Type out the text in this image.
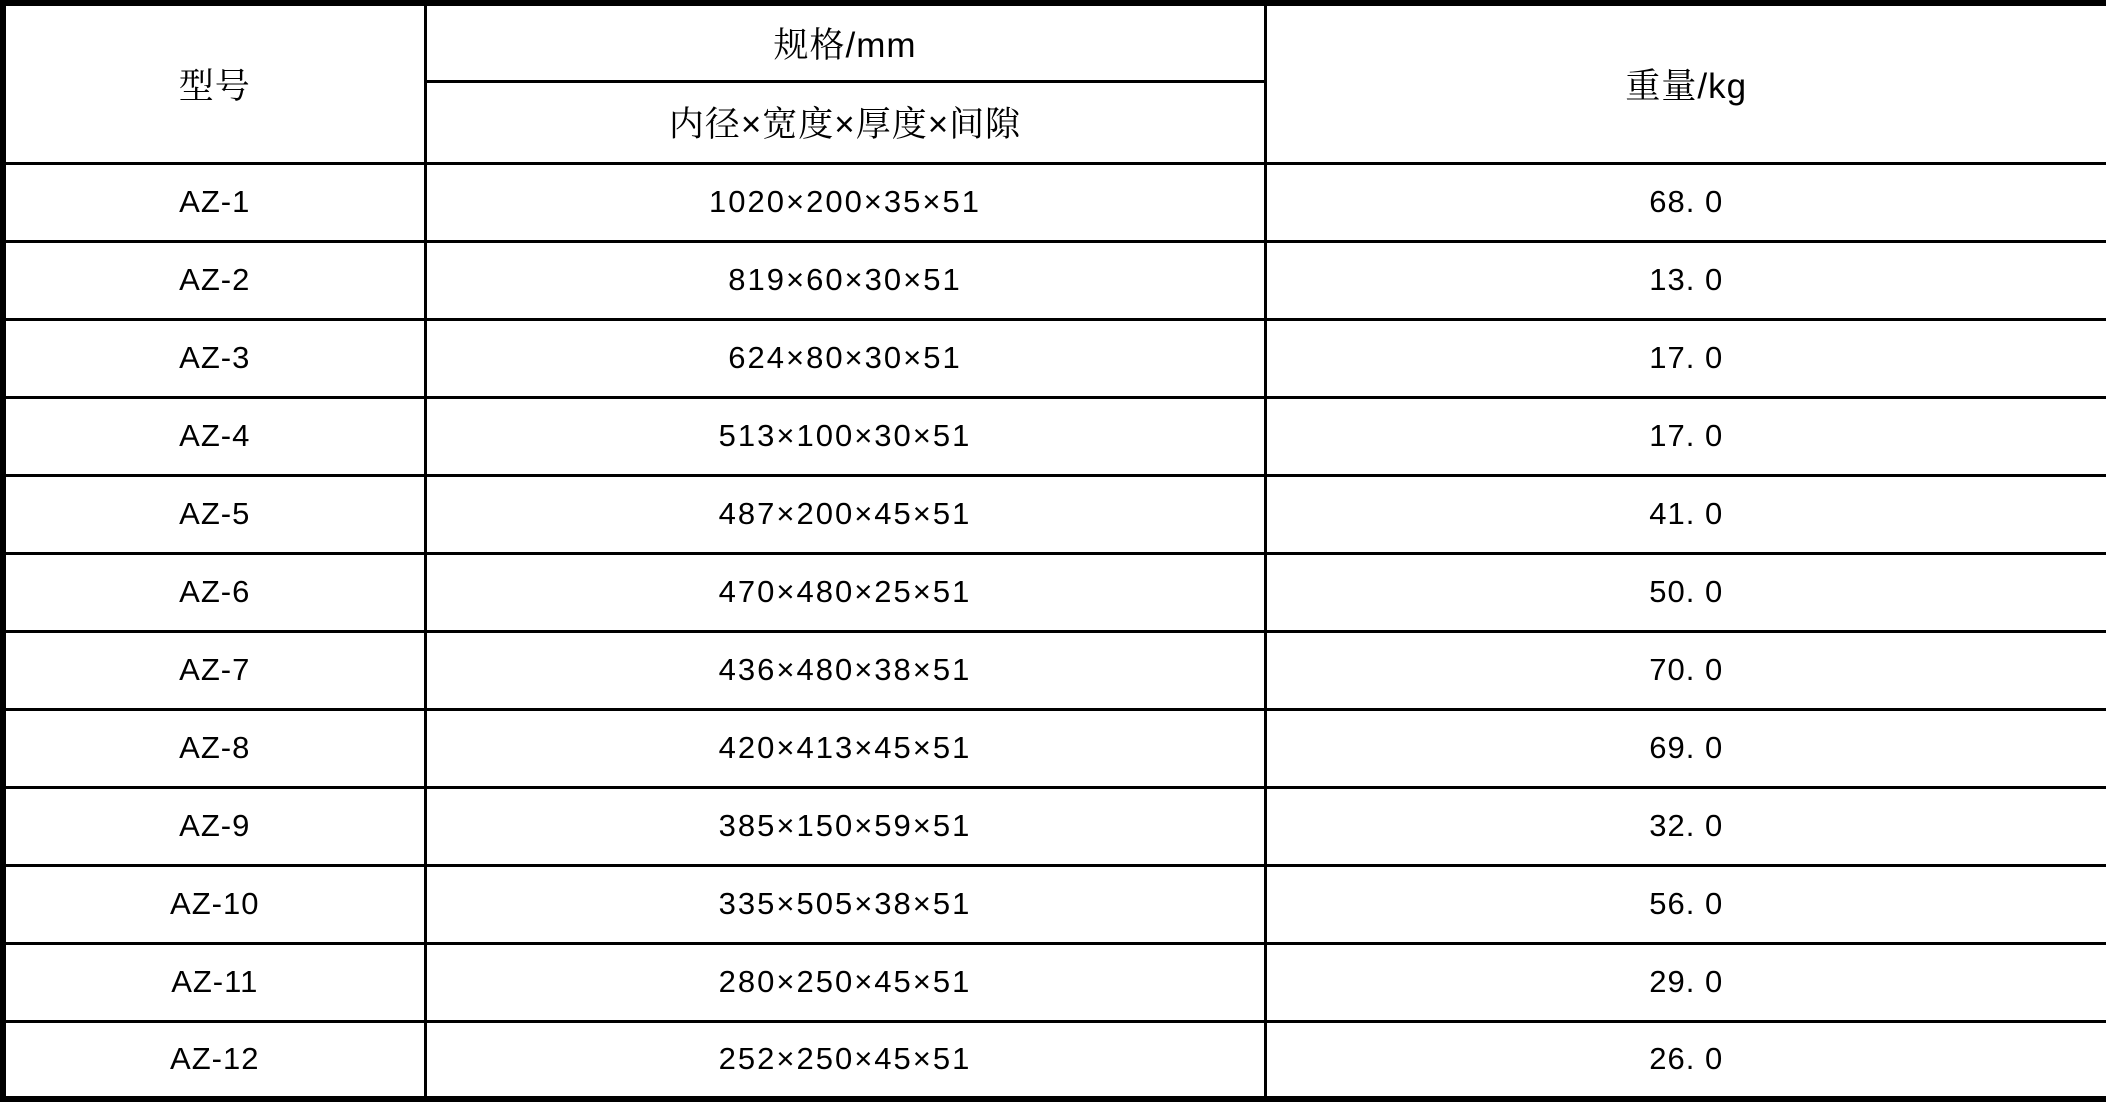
型号	规格/mm	重量/kg
	内径×宽度×厚度×间隙	
AZ-1	1020×200×35×51	68. 0
AZ-2	819×60×30×51	13. 0
AZ-3	624×80×30×51	17. 0
AZ-4	513×100×30×51	17. 0
AZ-5	487×200×45×51	41. 0
AZ-6	470×480×25×51	50. 0
AZ-7	436×480×38×51	70. 0
AZ-8	420×413×45×51	69. 0
AZ-9	385×150×59×51	32. 0
AZ-10	335×505×38×51	56. 0
AZ-11	280×250×45×51	29. 0
AZ-12	252×250×45×51	26. 0
